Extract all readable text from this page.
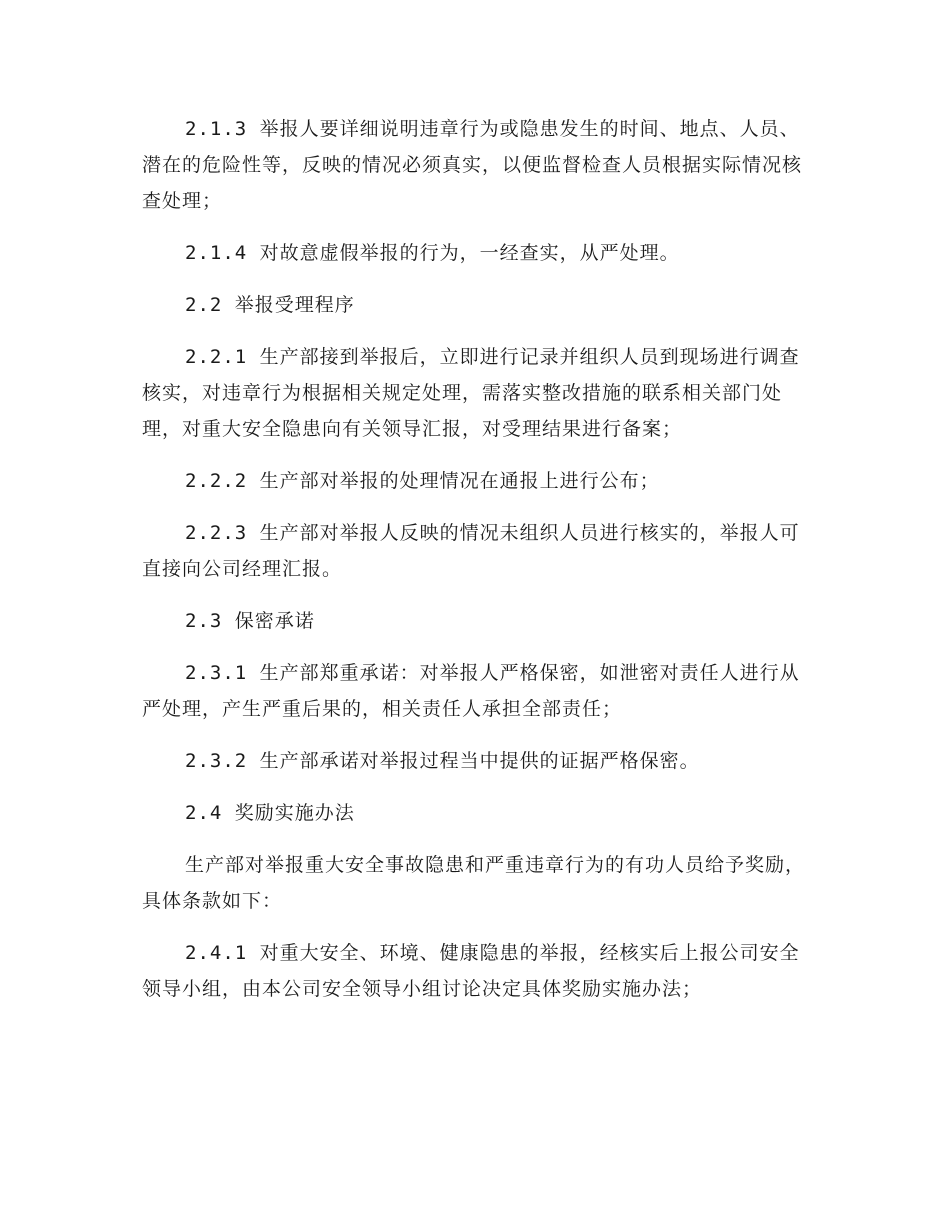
2.1.3 举报人要详细说明违章行为或隐患发生的时间、地点、人员、潜在的危险性等，反映的情况必须真实，以便监督检查人员根据实际情况核查处理；

2.1.4 对故意虚假举报的行为，一经查实，从严处理。

2.2 举报受理程序

2.2.1 生产部接到举报后，立即进行记录并组织人员到现场进行调查核实，对违章行为根据相关规定处理，需落实整改措施的联系相关部门处理，对重大安全隐患向有关领导汇报，对受理结果进行备案；

2.2.2 生产部对举报的处理情况在通报上进行公布；

2.2.3 生产部对举报人反映的情况未组织人员进行核实的，举报人可直接向公司经理汇报。

2.3 保密承诺

2.3.1 生产部郑重承诺：对举报人严格保密，如泄密对责任人进行从严处理，产生严重后果的，相关责任人承担全部责任；

2.3.2 生产部承诺对举报过程当中提供的证据严格保密。

2.4 奖励实施办法

生产部对举报重大安全事故隐患和严重违章行为的有功人员给予奖励，具体条款如下：

2.4.1 对重大安全、环境、健康隐患的举报，经核实后上报公司安全领导小组，由本公司安全领导小组讨论决定具体奖励实施办法；
